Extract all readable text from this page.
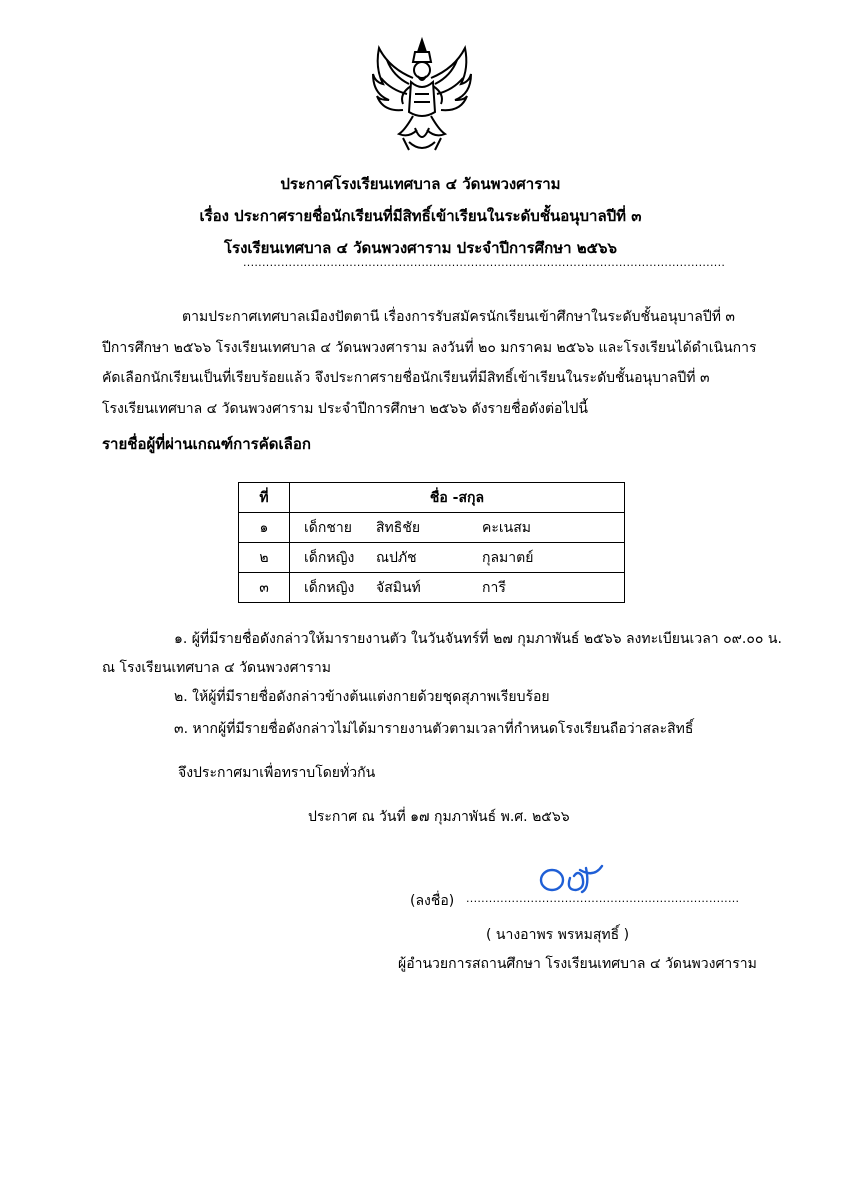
ประกาศโรงเรียนเทศบาล ๔ วัดนพวงศาราม
เรื่อง ประกาศรายชื่อนักเรียนที่มีสิทธิ์เข้าเรียนในระดับชั้นอนุบาลปีที่ ๓
โรงเรียนเทศบาล ๔ วัดนพวงศาราม ประจำปีการศึกษา ๒๕๖๖
...............................................................................................................................
ตามประกาศเทศบาลเมืองปัตตานี เรื่องการรับสมัครนักเรียนเข้าศึกษาในระดับชั้นอนุบาลปีที่ ๓
ปีการศึกษา ๒๕๖๖ โรงเรียนเทศบาล ๔ วัดนพวงศาราม ลงวันที่ ๒๐ มกราคม ๒๕๖๖ และโรงเรียนได้ดำเนินการ
คัดเลือกนักเรียนเป็นที่เรียบร้อยแล้ว จึงประกาศรายชื่อนักเรียนที่มีสิทธิ์เข้าเรียนในระดับชั้นอนุบาลปีที่ ๓
โรงเรียนเทศบาล ๔ วัดนพวงศาราม ประจำปีการศึกษา ๒๕๖๖ ดังรายชื่อดังต่อไปนี้
รายชื่อผู้ที่ผ่านเกณฑ์การคัดเลือก
ที่	ชื่อ -สกุล
๑	เด็กชาย สิทธิชัย คะเนสม
๒	เด็กหญิง ณปภัช กุลมาตย์
๓	เด็กหญิง จัสมินท์ การี
๑. ผู้ที่มีรายชื่อดังกล่าวให้มารายงานตัว ในวันจันทร์ที่ ๒๗ กุมภาพันธ์ ๒๕๖๖ ลงทะเบียนเวลา ๐๙.๐๐ น.
ณ โรงเรียนเทศบาล ๔ วัดนพวงศาราม
๒. ให้ผู้ที่มีรายชื่อดังกล่าวข้างต้นแต่งกายด้วยชุดสุภาพเรียบร้อย
๓. หากผู้ที่มีรายชื่อดังกล่าวไม่ได้มารายงานตัวตามเวลาที่กำหนดโรงเรียนถือว่าสละสิทธิ์
จึงประกาศมาเพื่อทราบโดยทั่วกัน
ประกาศ ณ วันที่ ๑๗ กุมภาพันธ์ พ.ศ. ๒๕๖๖
(ลงชื่อ) ........................................................................
( นางอาพร พรหมสุทธิ์ )
ผู้อำนวยการสถานศึกษา โรงเรียนเทศบาล ๔ วัดนพวงศาราม
